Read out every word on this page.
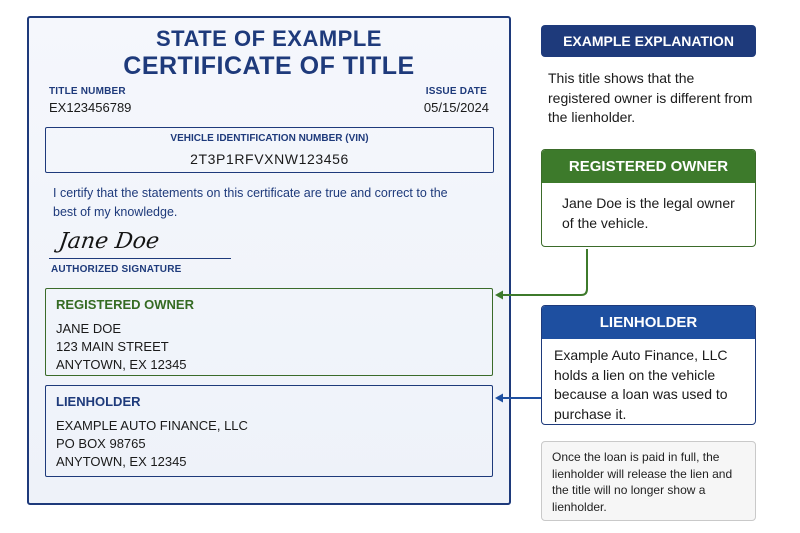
STATE OF EXAMPLE
CERTIFICATE OF TITLE
TITLE NUMBER
EX123456789
ISSUE DATE
05/15/2024
VEHICLE IDENTIFICATION NUMBER (VIN)
2T3P1RFVXNW123456
I certify that the statements on this certificate are true and correct to the best of my knowledge.
Jane Doe
AUTHORIZED SIGNATURE
REGISTERED OWNER
JANE DOE
123 MAIN STREET
ANYTOWN, EX 12345
LIENHOLDER
EXAMPLE AUTO FINANCE, LLC
PO BOX 98765
ANYTOWN, EX 12345
EXAMPLE EXPLANATION
This title shows that the registered owner is different from the lienholder.
REGISTERED OWNER
Jane Doe is the legal owner of the vehicle.
LIENHOLDER
Example Auto Finance, LLC holds a lien on the vehicle because a loan was used to purchase it.
Once the loan is paid in full, the lienholder will release the lien and the title will no longer show a lienholder.
